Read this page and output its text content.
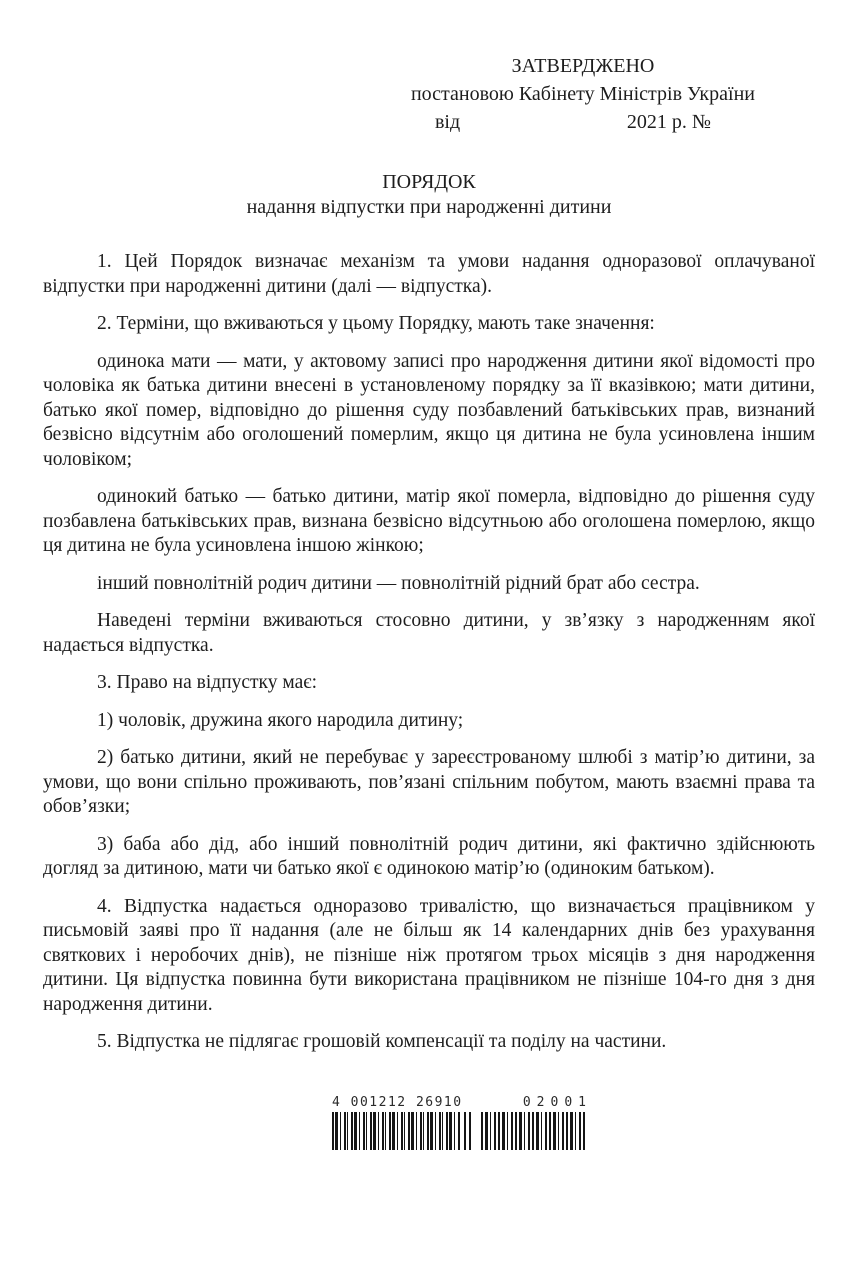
ЗАТВЕРДЖЕНО
постановою Кабінету Міністрів України
від	2021 р. №
ПОРЯДОК
надання відпустки при народженні дитини

1. Цей Порядок визначає механізм та умови надання одноразової оплачуваної відпустки при народженні дитини (далі — відпустка).

2. Терміни, що вживаються у цьому Порядку, мають таке значення:

одинока мати — мати, у актовому записі про народження дитини якої відомості про чоловіка як батька дитини внесені в установленому порядку за її вказівкою; мати дитини, батько якої помер, відповідно до рішення суду позбавлений батьківських прав, визнаний безвісно відсутнім або оголошений померлим, якщо ця дитина не була усиновлена іншим чоловіком;

одинокий батько — батько дитини, матір якої померла, відповідно до рішення суду позбавлена батьківських прав, визнана безвісно відсутньою або оголошена померлою, якщо ця дитина не була усиновлена іншою жінкою;

інший повнолітній родич дитини — повнолітній рідний брат або сестра.

Наведені терміни вживаються стосовно дитини, у зв’язку з народженням якої надається відпустка.

3. Право на відпустку має:

1) чоловік, дружина якого народила дитину;

2) батько дитини, який не перебуває у зареєстрованому шлюбі з матір’ю дитини, за умови, що вони спільно проживають, пов’язані спільним побутом, мають взаємні права та обов’язки;

3) баба або дід, або інший повнолітній родич дитини, які фактично здійснюють догляд за дитиною, мати чи батько якої є одинокою матір’ю (одиноким батьком).

4. Відпустка надається одноразово тривалістю, що визначається працівником у письмовій заяві про її надання (але не більш як 14 календарних днів без урахування святкових і неробочих днів), не пізніше ніж протягом трьох місяців з дня народження дитини. Ця відпустка повинна бути використана працівником не пізніше 104-го дня з дня народження дитини.

5. Відпустка не підлягає грошовій компенсації та поділу на частини.

4 001212 26910	02001
